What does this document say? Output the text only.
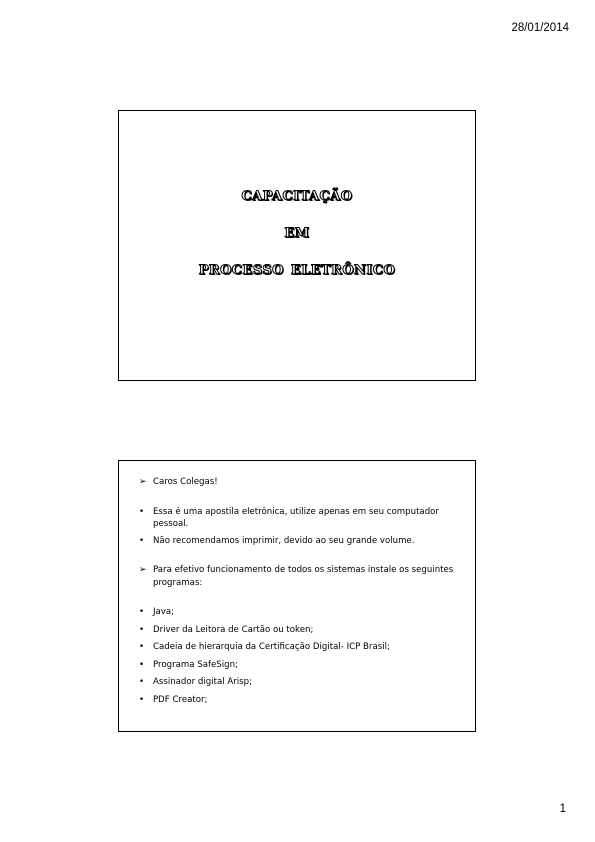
28/01/2014
capacitação
em
processo eletrônico
➢ Caros Colegas!
•	Essa é uma apostila eletrônica, utilize apenas em seu computador pessoal.
•	Não recomendamos imprimir, devido ao seu grande volume.
➢ Para efetivo funcionamento de todos os sistemas instale os seguintes programas:
•	Java;
•	Driver da Leitora de Cartão ou token;
•	Cadeia de hierarquia da Certificação Digital- ICP Brasil;
•	Programa SafeSign;
•	Assinador digital Arisp;
•	PDF Creator;
1
